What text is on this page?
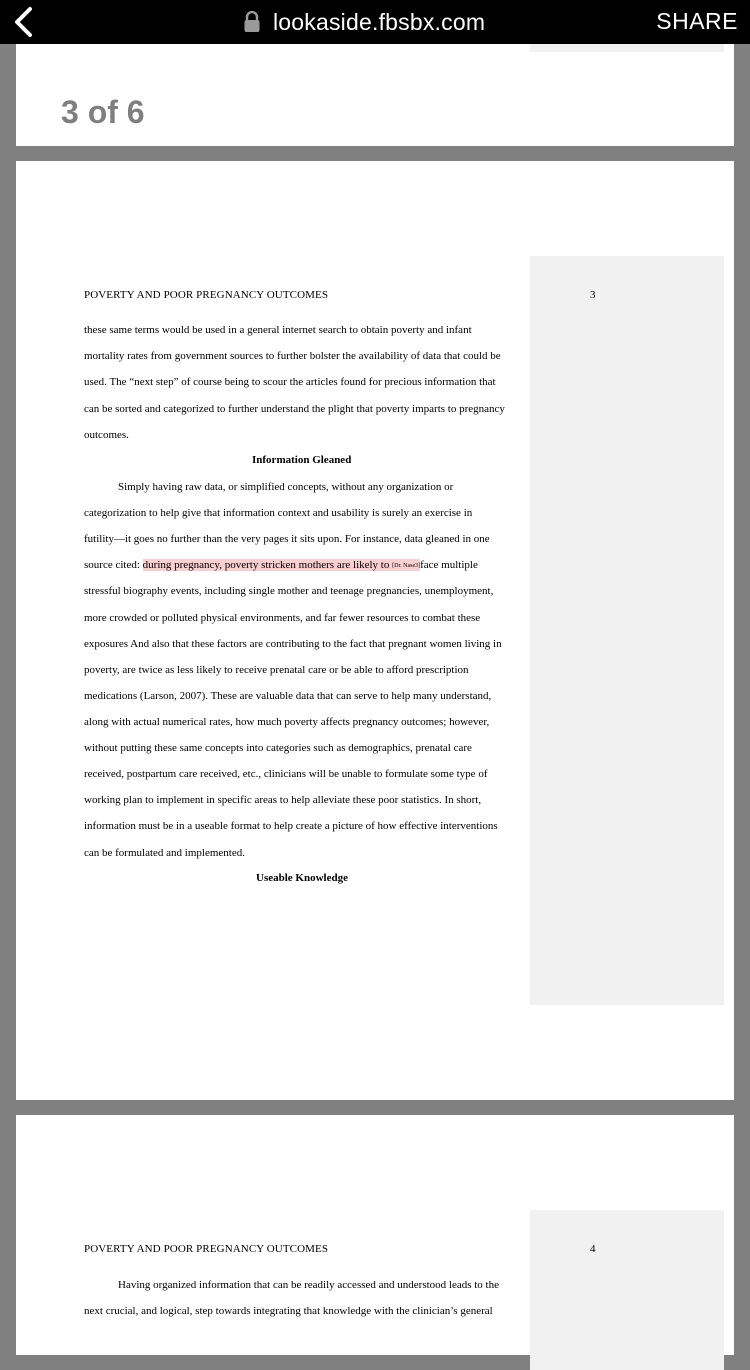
lookaside.fbsbx.com	SHARE
3 of 6
POVERTY AND POOR PREGNANCY OUTCOMES	3
these same terms would be used in a general internet search to obtain poverty and infant
mortality rates from government sources to further bolster the availability of data that could be
used. The “next step” of course being to scour the articles found for precious information that
can be sorted and categorized to further understand the plight that poverty imparts to pregnancy
outcomes.
Information Gleaned
Simply having raw data, or simplified concepts, without any organization or
categorization to help give that information context and usability is surely an exercise in
futility—it goes no further than the very pages it sits upon. For instance, data gleaned in one
source cited: during pregnancy, poverty stricken mothers are likely to [Dr. Nase3]face multiple
stressful biography events, including single mother and teenage pregnancies, unemployment,
more crowded or polluted physical environments, and far fewer resources to combat these
exposures And also that these factors are contributing to the fact that pregnant women living in
poverty, are twice as less likely to receive prenatal care or be able to afford prescription
medications (Larson, 2007). These are valuable data that can serve to help many understand,
along with actual numerical rates, how much poverty affects pregnancy outcomes; however,
without putting these same concepts into categories such as demographics, prenatal care
received, postpartum care received, etc., clinicians will be unable to formulate some type of
working plan to implement in specific areas to help alleviate these poor statistics. In short,
information must be in a useable format to help create a picture of how effective interventions
can be formulated and implemented.
Useable Knowledge
POVERTY AND POOR PREGNANCY OUTCOMES	4
Having organized information that can be readily accessed and understood leads to the
next crucial, and logical, step towards integrating that knowledge with the clinician’s general
